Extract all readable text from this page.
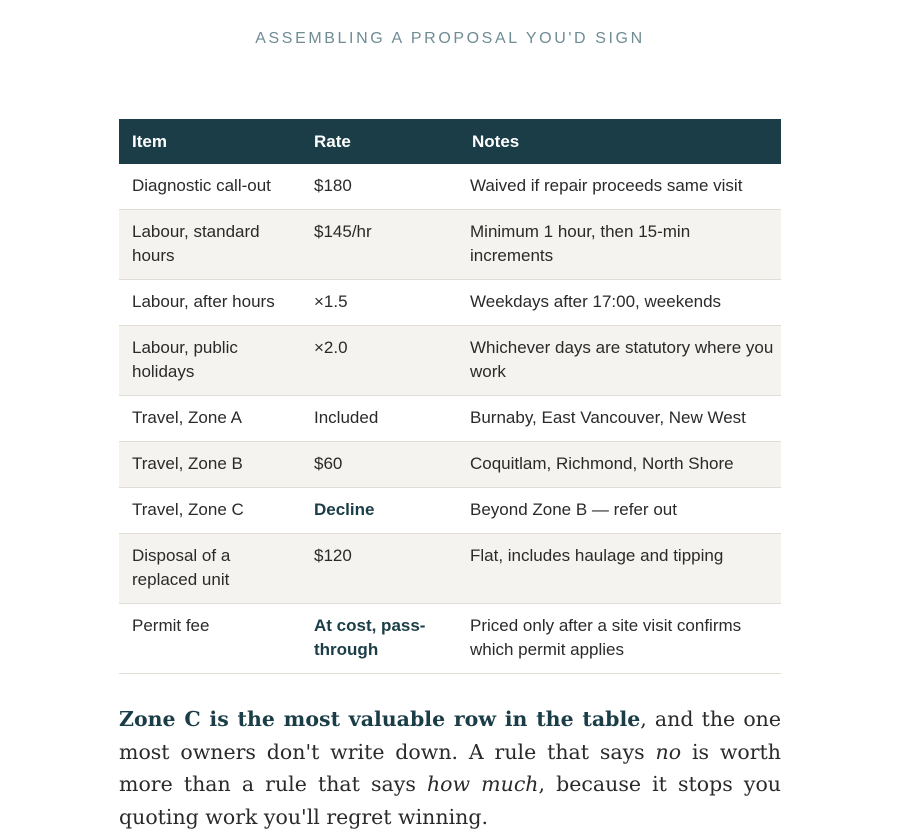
ASSEMBLING A PROPOSAL YOU'D SIGN
Item	Rate	Notes
Diagnostic call-out	$180	Waived if repair proceeds same visit
Labour, standard hours	$145/hr	Minimum 1 hour, then 15-min increments
Labour, after hours	×1.5	Weekdays after 17:00, weekends
Labour, public holidays	×2.0	Whichever days are statutory where you work
Travel, Zone A	Included	Burnaby, East Vancouver, New West
Travel, Zone B	$60	Coquitlam, Richmond, North Shore
Travel, Zone C	Decline	Beyond Zone B — refer out
Disposal of a replaced unit	$120	Flat, includes haulage and tipping
Permit fee	At cost, pass-through	Priced only after a site visit confirms which permit applies

Zone C is the most valuable row in the table, and the one most owners don't write down. A rule that says no is worth more than a rule that says how much, because it stops you quoting work you'll regret winning.
